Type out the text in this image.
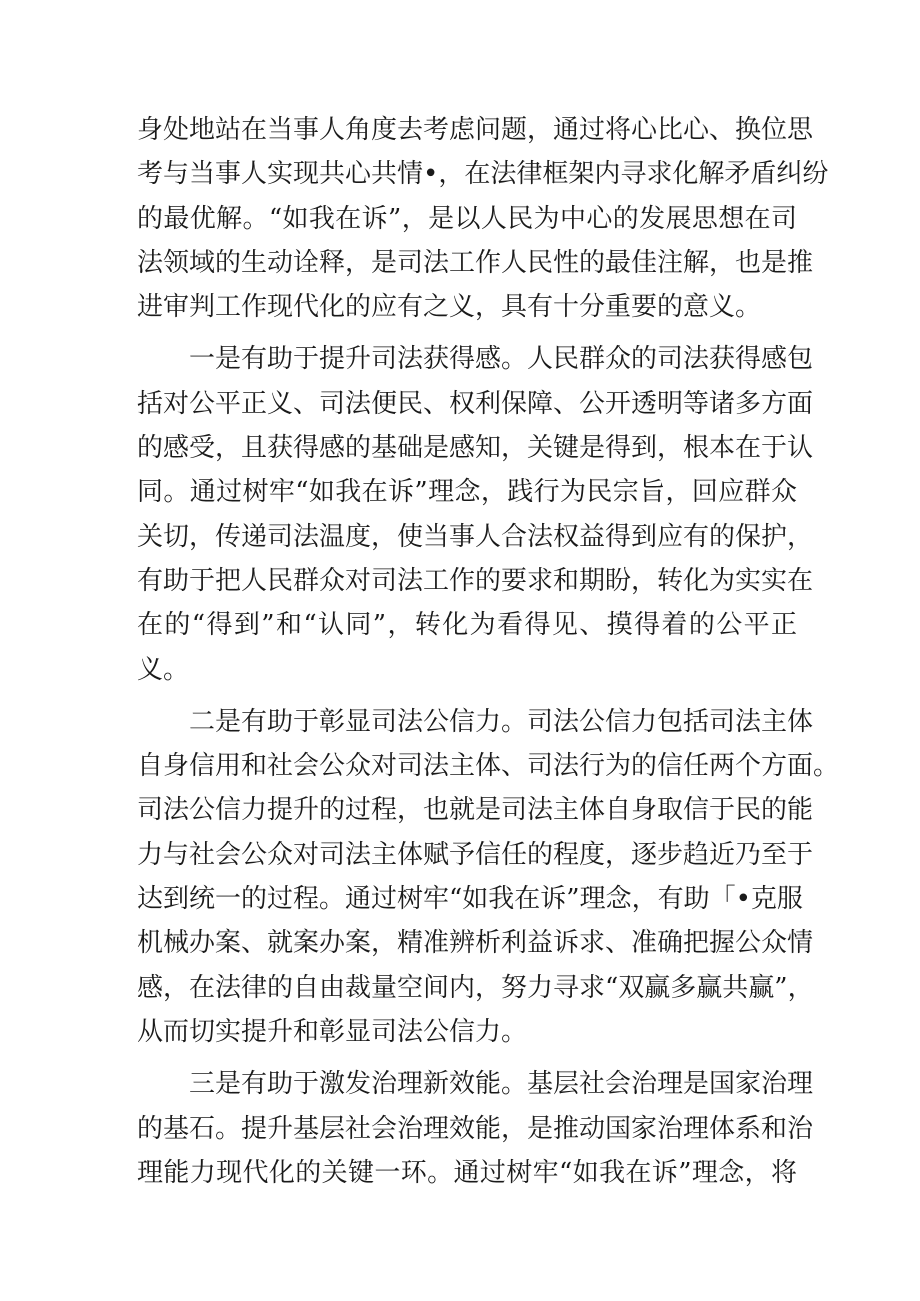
身处地站在当事人角度去考虑问题，通过将心比心、换位思
考与当事人实现共心共情•，在法律框架内寻求化解矛盾纠纷
的最优解。“如我在诉”，是以人民为中心的发展思想在司
法领域的生动诠释，是司法工作人民性的最佳注解，也是推
进审判工作现代化的应有之义，具有十分重要的意义。
一是有助于提升司法获得感。人民群众的司法获得感包
括对公平正义、司法便民、权利保障、公开透明等诸多方面
的感受，且获得感的基础是感知，关键是得到，根本在于认
同。通过树牢“如我在诉”理念，践行为民宗旨，回应群众
关切，传递司法温度，使当事人合法权益得到应有的保护，
有助于把人民群众对司法工作的要求和期盼，转化为实实在
在的“得到”和“认同”，转化为看得见、摸得着的公平正
义。
二是有助于彰显司法公信力。司法公信力包括司法主体
自身信用和社会公众对司法主体、司法行为的信任两个方面。
司法公信力提升的过程，也就是司法主体自身取信于民的能
力与社会公众对司法主体赋予信任的程度，逐步趋近乃至于
达到统一的过程。通过树牢“如我在诉”理念，有助「•克服
机械办案、就案办案，精准辨析利益诉求、准确把握公众情
感，在法律的自由裁量空间内，努力寻求“双赢多赢共赢”，
从而切实提升和彰显司法公信力。
三是有助于激发治理新效能。基层社会治理是国家治理
的基石。提升基层社会治理效能，是推动国家治理体系和治
理能力现代化的关键一环。通过树牢“如我在诉”理念，将
